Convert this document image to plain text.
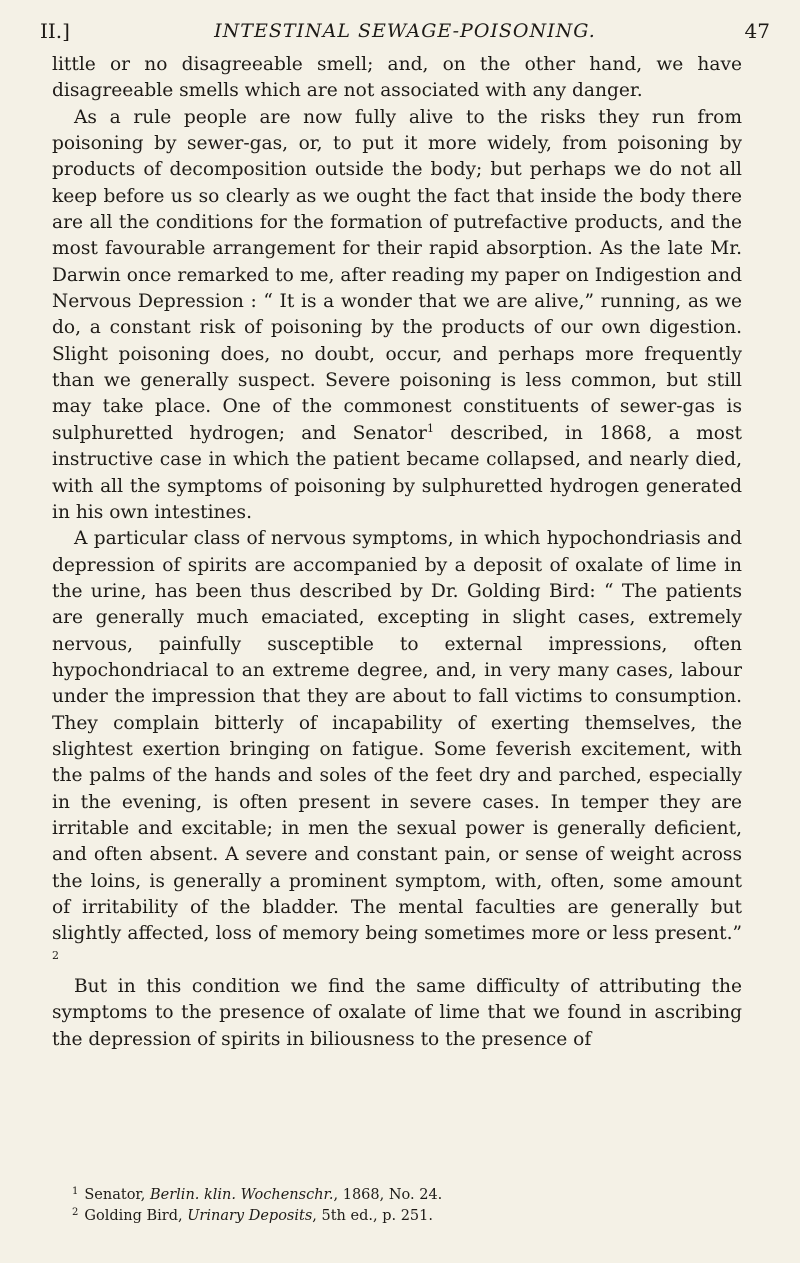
II.]	INTESTINAL SEWAGE-POISONING.	47

little or no disagreeable smell; and, on the other hand, we have disagreeable smells which are not associated with any danger.

As a rule people are now fully alive to the risks they run from poisoning by sewer-gas, or, to put it more widely, from poisoning by products of decomposition outside the body; but perhaps we do not all keep before us so clearly as we ought the fact that inside the body there are all the conditions for the formation of putrefactive products, and the most favourable arrangement for their rapid absorption. As the late Mr. Darwin once remarked to me, after reading my paper on Indigestion and Nervous Depression : “ It is a wonder that we are alive,” running, as we do, a constant risk of poisoning by the products of our own digestion. Slight poisoning does, no doubt, occur, and perhaps more frequently than we generally suspect. Severe poisoning is less common, but still may take place. One of the commonest constituents of sewer-gas is sulphuretted hydrogen; and Senator$^1$ described, in 1868, a most instructive case in which the patient became collapsed, and nearly died, with all the symptoms of poisoning by sulphuretted hydrogen generated in his own intestines.

A particular class of nervous symptoms, in which hypochondriasis and depression of spirits are accompanied by a deposit of oxalate of lime in the urine, has been thus described by Dr. Golding Bird: “ The patients are generally much emaciated, excepting in slight cases, extremely nervous, painfully susceptible to external impressions, often hypochondriacal to an extreme degree, and, in very many cases, labour under the impression that they are about to fall victims to consumption. They complain bitterly of incapability of exerting themselves, the slightest exertion bringing on fatigue. Some feverish excitement, with the palms of the hands and soles of the feet dry and parched, especially in the evening, is often present in severe cases. In temper they are irritable and excitable; in men the sexual power is generally deficient, and often absent. A severe and constant pain, or sense of weight across the loins, is generally a prominent symptom, with, often, some amount of irritability of the bladder. The mental faculties are generally but slightly affected, loss of memory being sometimes more or less present.” $^2$

But in this condition we find the same difficulty of attributing the symptoms to the presence of oxalate of lime that we found in ascribing the depression of spirits in biliousness to the presence of

$^1$ Senator, Berlin. klin. Wochenschr., 1868, No. 24.

$^2$ Golding Bird, Urinary Deposits, 5th ed., p. 251.
